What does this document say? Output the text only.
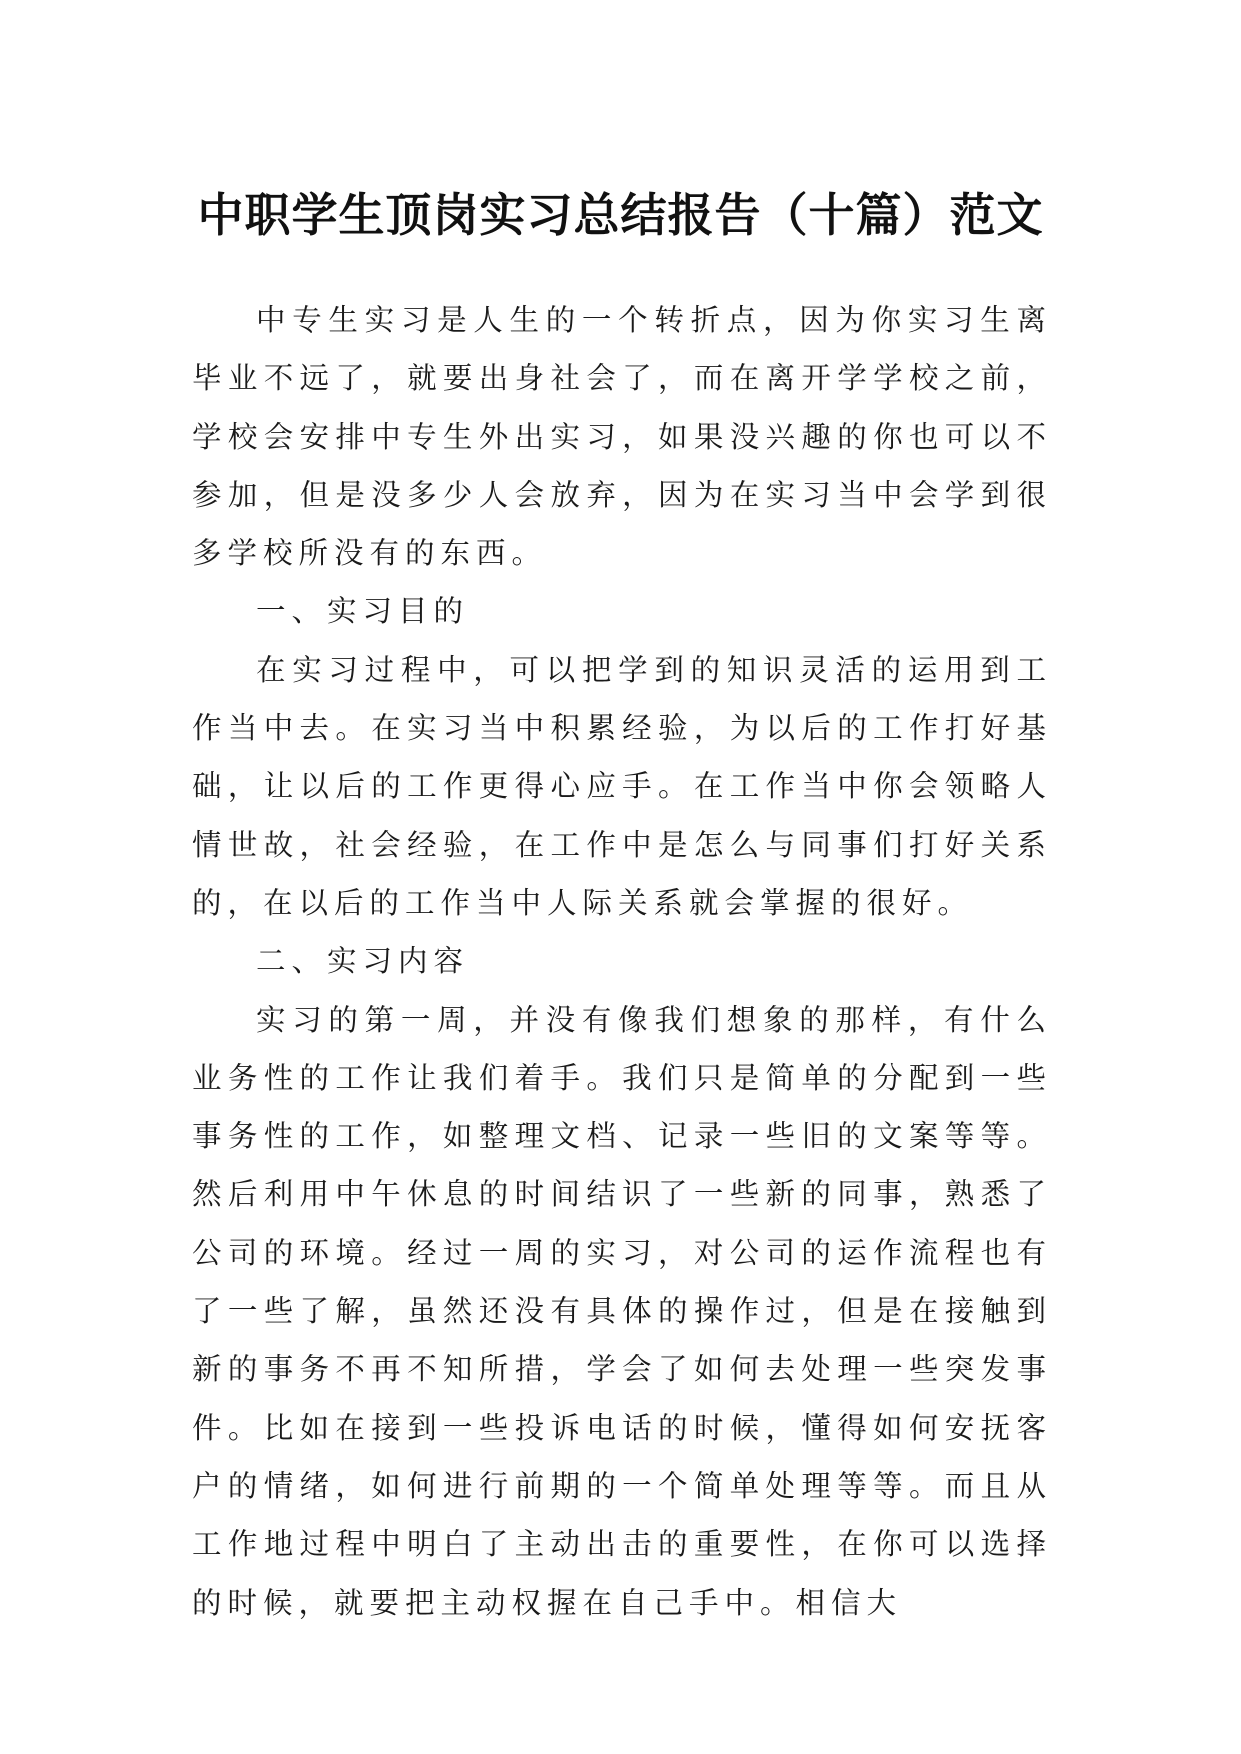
中职学生顶岗实习总结报告（十篇）范文

中专生实习是人生的一个转折点，因为你实习生离毕业不远了，就要出身社会了，而在离开学学校之前，学校会安排中专生外出实习，如果没兴趣的你也可以不参加，但是没多少人会放弃，因为在实习当中会学到很多学校所没有的东西。

一、实习目的

在实习过程中，可以把学到的知识灵活的运用到工作当中去。在实习当中积累经验，为以后的工作打好基础，让以后的工作更得心应手。在工作当中你会领略人情世故，社会经验，在工作中是怎么与同事们打好关系的，在以后的工作当中人际关系就会掌握的很好。

二、实习内容

实习的第一周，并没有像我们想象的那样，有什么业务性的工作让我们着手。我们只是简单的分配到一些事务性的工作，如整理文档、记录一些旧的文案等等。然后利用中午休息的时间结识了一些新的同事，熟悉了公司的环境。经过一周的实习，对公司的运作流程也有了一些了解，虽然还没有具体的操作过，但是在接触到新的事务不再不知所措，学会了如何去处理一些突发事件。比如在接到一些投诉电话的时候，懂得如何安抚客户的情绪，如何进行前期的一个简单处理等等。而且从工作地过程中明白了主动出击的重要性，在你可以选择的时候，就要把主动权握在自己手中。相信大
